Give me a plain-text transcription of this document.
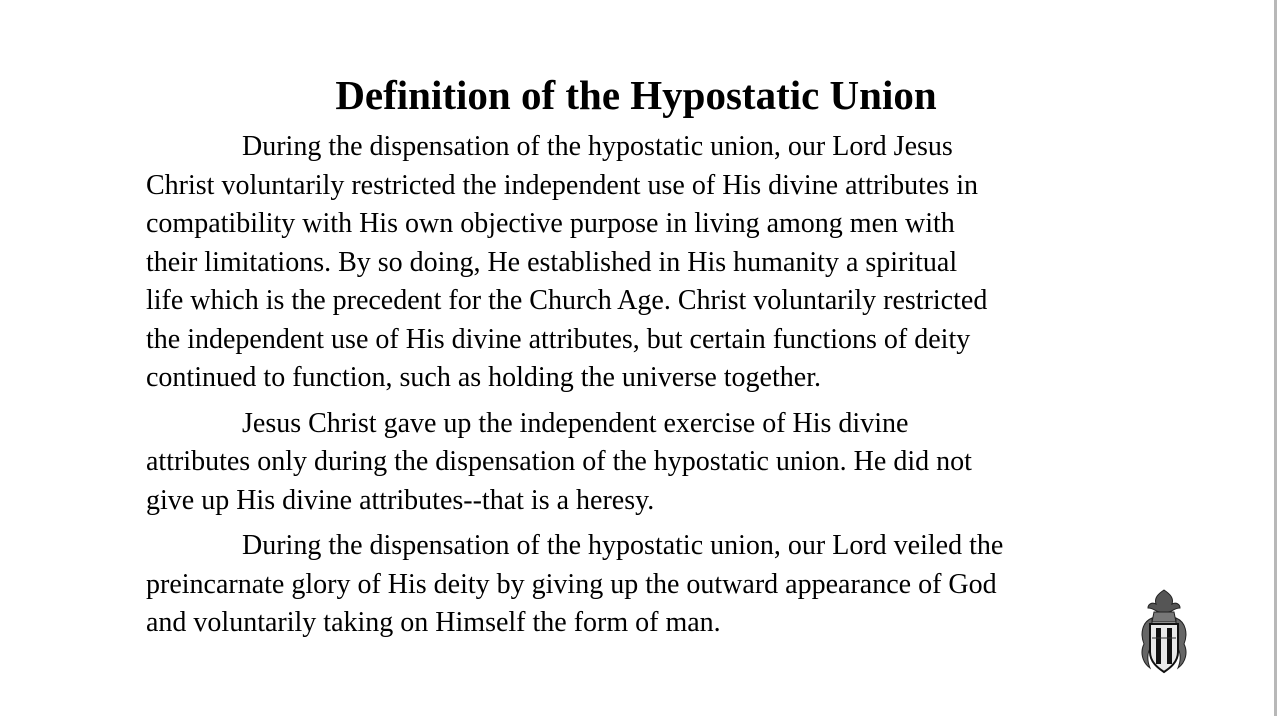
Definition of the Hypostatic Union

During the dispensation of the hypostatic union, our Lord Jesus
Christ voluntarily restricted the independent use of His divine attributes in
compatibility with His own objective purpose in living among men with
their limitations. By so doing, He established in His humanity a spiritual
life which is the precedent for the Church Age. Christ voluntarily restricted
the independent use of His divine attributes, but certain functions of deity
continued to function, such as holding the universe together.

Jesus Christ gave up the independent exercise of His divine
attributes only during the dispensation of the hypostatic union. He did not
give up His divine attributes--that is a heresy.

During the dispensation of the hypostatic union, our Lord veiled the
preincarnate glory of His deity by giving up the outward appearance of God
and voluntarily taking on Himself the form of man.
